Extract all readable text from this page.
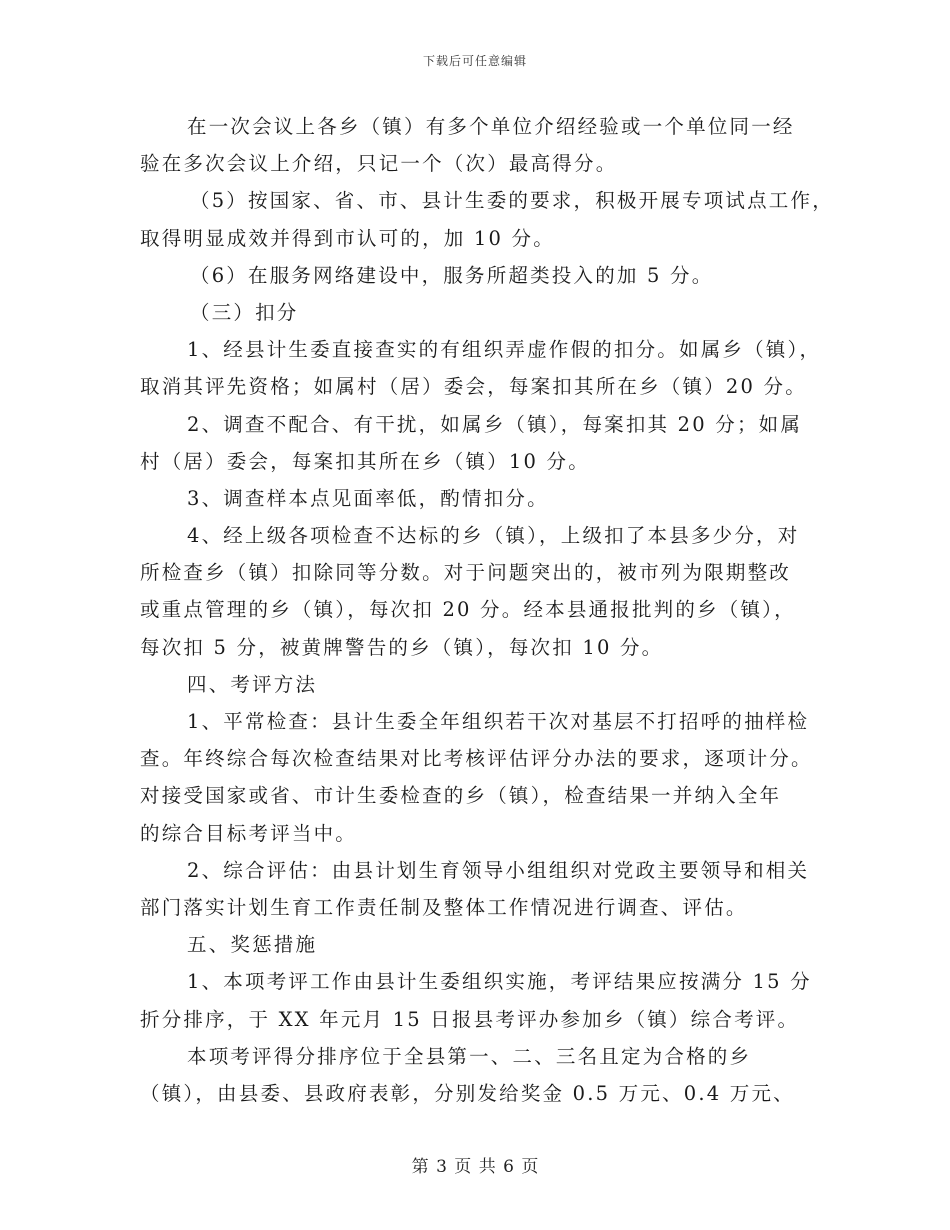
下载后可任意编辑
在一次会议上各乡（镇）有多个单位介绍经验或一个单位同一经
验在多次会议上介绍，只记一个（次）最高得分。
（5）按国家、省、市、县计生委的要求，积极开展专项试点工作，
取得明显成效并得到市认可的，加 10 分。
（6）在服务网络建设中，服务所超类投入的加 5 分。
（三）扣分
1、经县计生委直接查实的有组织弄虚作假的扣分。如属乡（镇），
取消其评先资格；如属村（居）委会，每案扣其所在乡（镇）20 分。
2、调查不配合、有干扰，如属乡（镇），每案扣其 20 分；如属
村（居）委会，每案扣其所在乡（镇）10 分。
3、调查样本点见面率低，酌情扣分。
4、经上级各项检查不达标的乡（镇），上级扣了本县多少分，对
所检查乡（镇）扣除同等分数。对于问题突出的，被市列为限期整改
或重点管理的乡（镇），每次扣 20 分。经本县通报批判的乡（镇），
每次扣 5 分，被黄牌警告的乡（镇），每次扣 10 分。
四、考评方法
1、平常检查：县计生委全年组织若干次对基层不打招呼的抽样检
查。年终综合每次检查结果对比考核评估评分办法的要求，逐项计分。
对接受国家或省、市计生委检查的乡（镇），检查结果一并纳入全年
的综合目标考评当中。
2、综合评估：由县计划生育领导小组组织对党政主要领导和相关
部门落实计划生育工作责任制及整体工作情况进行调查、评估。
五、奖惩措施
1、本项考评工作由县计生委组织实施，考评结果应按满分 15 分
折分排序，于 XX 年元月 15 日报县考评办参加乡（镇）综合考评。
本项考评得分排序位于全县第一、二、三名且定为合格的乡
（镇），由县委、县政府表彰，分别发给奖金 0.5 万元、0.4 万元、
第 3 页 共 6 页
